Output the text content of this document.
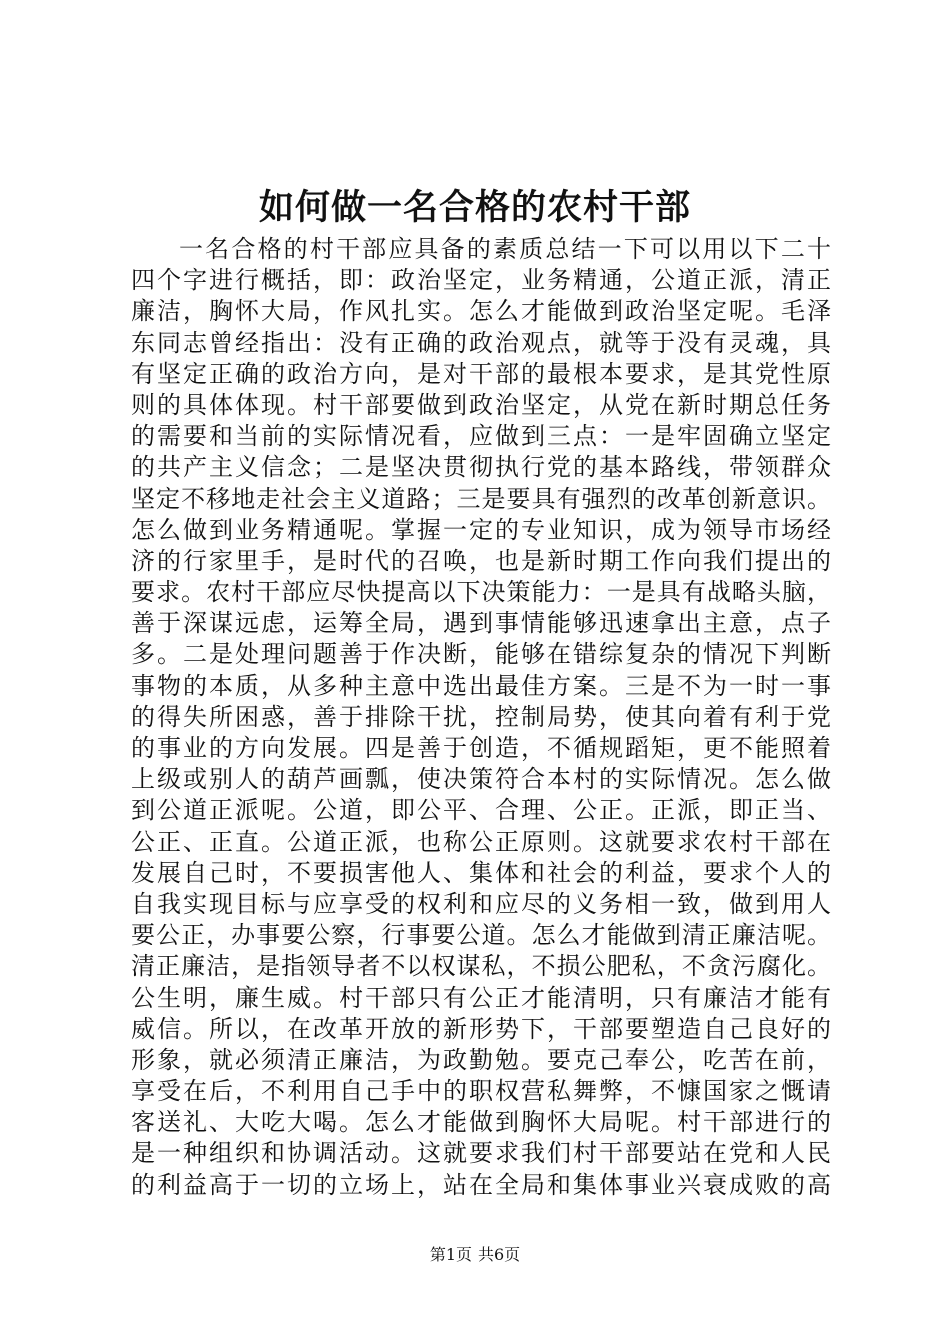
如何做一名合格的农村干部
一名合格的村干部应具备的素质总结一下可以用以下二十
四个字进行概括，即：政治坚定，业务精通，公道正派，清正
廉洁，胸怀大局，作风扎实。怎么才能做到政治坚定呢。毛泽
东同志曾经指出：没有正确的政治观点，就等于没有灵魂，具
有坚定正确的政治方向，是对干部的最根本要求，是其党性原
则的具体体现。村干部要做到政治坚定，从党在新时期总任务
的需要和当前的实际情况看，应做到三点：一是牢固确立坚定
的共产主义信念；二是坚决贯彻执行党的基本路线，带领群众
坚定不移地走社会主义道路；三是要具有强烈的改革创新意识。
怎么做到业务精通呢。掌握一定的专业知识，成为领导市场经
济的行家里手，是时代的召唤，也是新时期工作向我们提出的
要求。农村干部应尽快提高以下决策能力：一是具有战略头脑，
善于深谋远虑，运筹全局，遇到事情能够迅速拿出主意，点子
多。二是处理问题善于作决断，能够在错综复杂的情况下判断
事物的本质，从多种主意中选出最佳方案。三是不为一时一事
的得失所困惑，善于排除干扰，控制局势，使其向着有利于党
的事业的方向发展。四是善于创造，不循规蹈矩，更不能照着
上级或别人的葫芦画瓢，使决策符合本村的实际情况。怎么做
到公道正派呢。公道，即公平、合理、公正。正派，即正当、
公正、正直。公道正派，也称公正原则。这就要求农村干部在
发展自己时，不要损害他人、集体和社会的利益，要求个人的
自我实现目标与应享受的权利和应尽的义务相一致，做到用人
要公正，办事要公察，行事要公道。怎么才能做到清正廉洁呢。
清正廉洁，是指领导者不以权谋私，不损公肥私，不贪污腐化。
公生明，廉生威。村干部只有公正才能清明，只有廉洁才能有
威信。所以，在改革开放的新形势下，干部要塑造自己良好的
形象，就必须清正廉洁，为政勤勉。要克己奉公，吃苦在前，
享受在后，不利用自己手中的职权营私舞弊，不慷国家之慨请
客送礼、大吃大喝。怎么才能做到胸怀大局呢。村干部进行的
是一种组织和协调活动。这就要求我们村干部要站在党和人民
的利益高于一切的立场上，站在全局和集体事业兴衰成败的高
第1页 共6页
